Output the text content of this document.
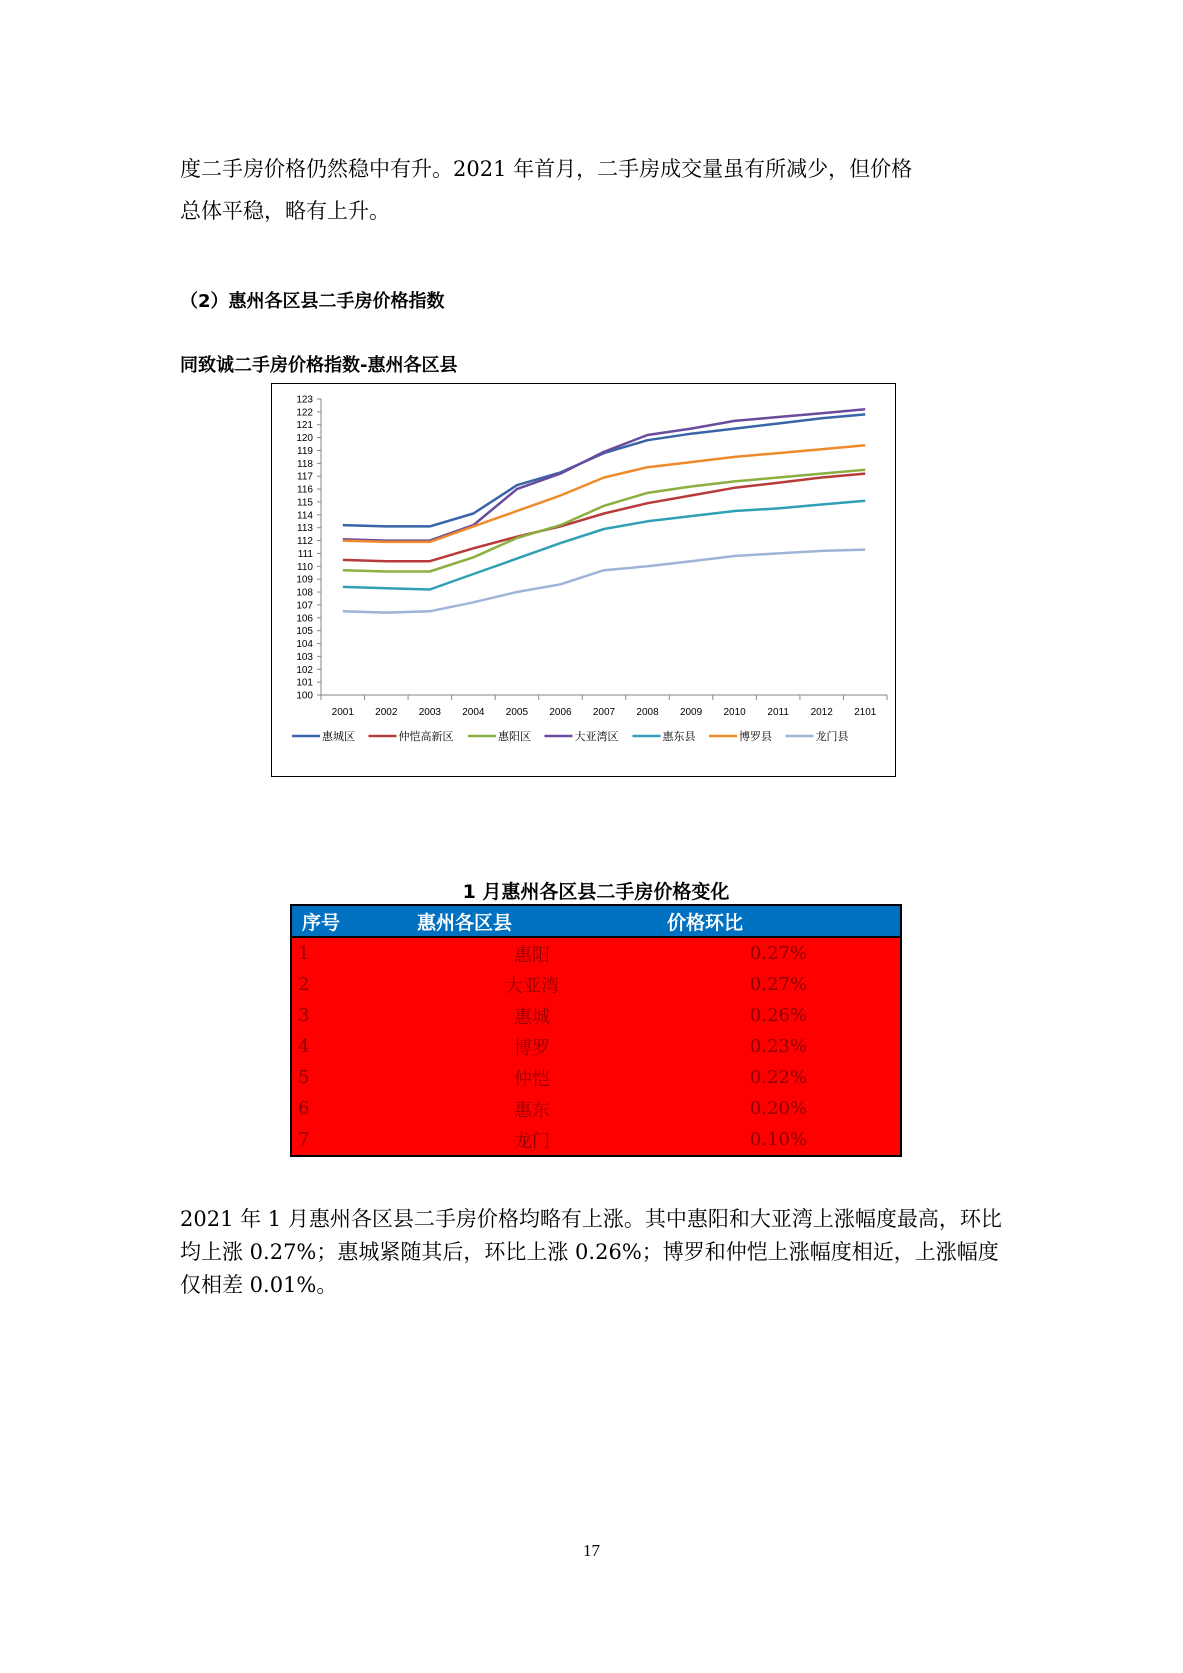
度二手房价格仍然稳中有升。2021 年首月，二手房成交量虽有所减少，但价格
总体平稳，略有上升。

（2）惠州各区县二手房价格指数

同致诚二手房价格指数-惠州各区县

100
101
102
103
104
105
106
107
108
109
110
111
112
113
114
115
116
117
118
119
120
121
122
123
2001 2002 2003 2004 2005 2006 2007 2008 2009 2010 2011 2012 2101
惠城区	仲恺高新区	惠阳区	大亚湾区	惠东县	博罗县	龙门县

1 月惠州各区县二手房价格变化

序号	惠州各区县	价格环比
1	惠阳	0.27%
2	大亚湾	0.27%
3	惠城	0.26%
4	博罗	0.23%
5	仲恺	0.22%
6	惠东	0.20%
7	龙门	0.10%

2021 年 1 月惠州各区县二手房价格均略有上涨。其中惠阳和大亚湾上涨幅度最高，环比均上涨 0.27%；惠城紧随其后，环比上涨 0.26%；博罗和仲恺上涨幅度相近，上涨幅度仅相差 0.01%。

17
